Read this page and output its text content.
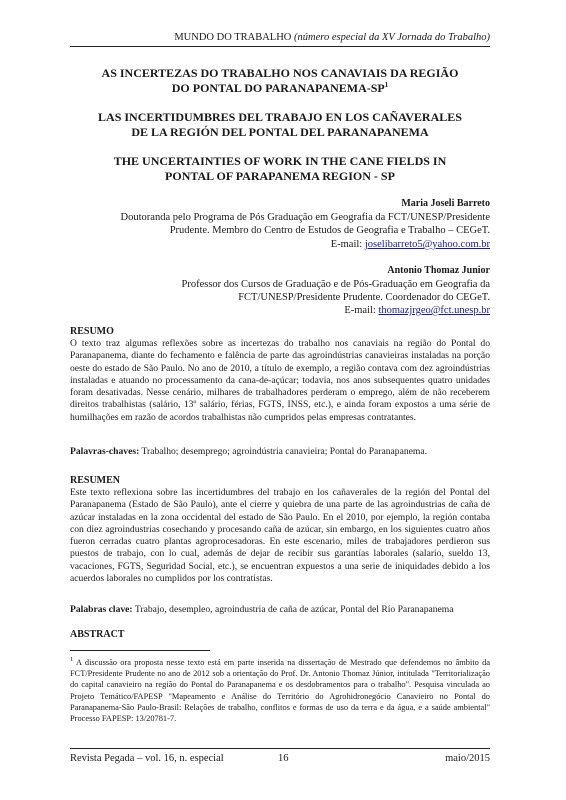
MUNDO DO TRABALHO (número especial da XV Jornada do Trabalho)
AS INCERTEZAS DO TRABALHO NOS CANAVIAIS DA REGIÃO
DO PONTAL DO PARANAPANEMA-$SP^1$
LAS INCERTIDUMBRES DEL TRABAJO EN LOS CAÑAVERALES
DE LA REGIÓN DEL PONTAL DEL PARANAPANEMA
THE UNCERTAINTIES OF WORK IN THE CANE FIELDS IN
PONTAL OF PARAPANEMA REGION - SP
Maria Joseli Barreto
Doutoranda pelo Programa de Pós Graduação em Geografia da FCT/UNESP/Presidente
Prudente. Membro do Centro de Estudos de Geografia e Trabalho – CEGeT.
E-mail: joselibarreto5@yahoo.com.br
Antonio Thomaz Junior
Professor dos Cursos de Graduação e de Pós-Graduação em Geografia da
FCT/UNESP/Presidente Prudente. Coordenador do CEGeT.
E-mail: thomazjrgeo@fct.unesp.br
RESUMO
O texto traz algumas reflexões sobre as incertezas do trabalho nos canaviais na região do Pontal do Paranapanema, diante do fechamento e falência de parte das agroindústrias canavieiras instaladas na porção oeste do estado de São Paulo. No ano de 2010, a título de exemplo, a região contava com dez agroindústrias instaladas e atuando no processamento da cana-de-açúcar; todavia, nos anos subsequentes quatro unidades foram desativadas. Nesse cenário, milhares de trabalhadores perderam o emprego, além de não receberem direitos trabalhistas (salário, 13º salário, férias, FGTS, INSS, etc.), e ainda foram expostos a uma série de humilhações em razão de acordos trabalhistas não cumpridos pelas empresas contratantes.
Palavras-chaves: Trabalho; desemprego; agroindústria canavieira; Pontal do Paranapanema.
RESUMEN
Este texto reflexiona sobre las incertidumbres del trabajo en los cañaverales de la región del Pontal del Paranapanema (Estado de São Paulo), ante el cierre y quiebra de una parte de las agroindustrias de caña de azúcar instaladas en la zona occidental del estado de São Paulo. En el 2010, por ejemplo, la región contaba con diez agroindustrias cosechando y procesando caña de azúcar, sin embargo, en los siguientes cuatro años fueron cerradas cuatro plantas agroprocesadoras. En este escenario, miles de trabajadores perdieron sus puestos de trabajo, con lo cual, además de dejar de recibir sus garantías laborales (salario, sueldo 13, vacaciones, FGTS, Seguridad Social, etc.), se encuentran expuestos a una serie de iniquidades debido a los acuerdos laborales no cumplidos por los contratistas.
Palabras clave: Trabajo, desempleo, agroindustria de caña de azúcar, Pontal del Río Paranapanema
ABSTRACT
$^1$ A discussão ora proposta nesse texto está em parte inserida na dissertação de Mestrado que defendemos no âmbito da FCT/Presidente Prudente no ano de 2012 sob a orientação do Prof. Dr. Antonio Thomaz Júnior, intitulada "Territorialização do capital canavieiro na região do Pontal do Paranapanema e os desdobramentos para o trabalho". Pesquisa vinculada ao Projeto Temático/FAPESP "Mapeamento e Análise do Território do Agrohidronegócio Canavieiro no Pontal do Paranapanema-São Paulo-Brasil: Relações de trabalho, conflitos e formas de uso da terra e da água, e a saúde ambiental" Processo FAPESP: 13/20781-7.
Revista Pegada – vol. 16, n. especial	16	maio/2015
